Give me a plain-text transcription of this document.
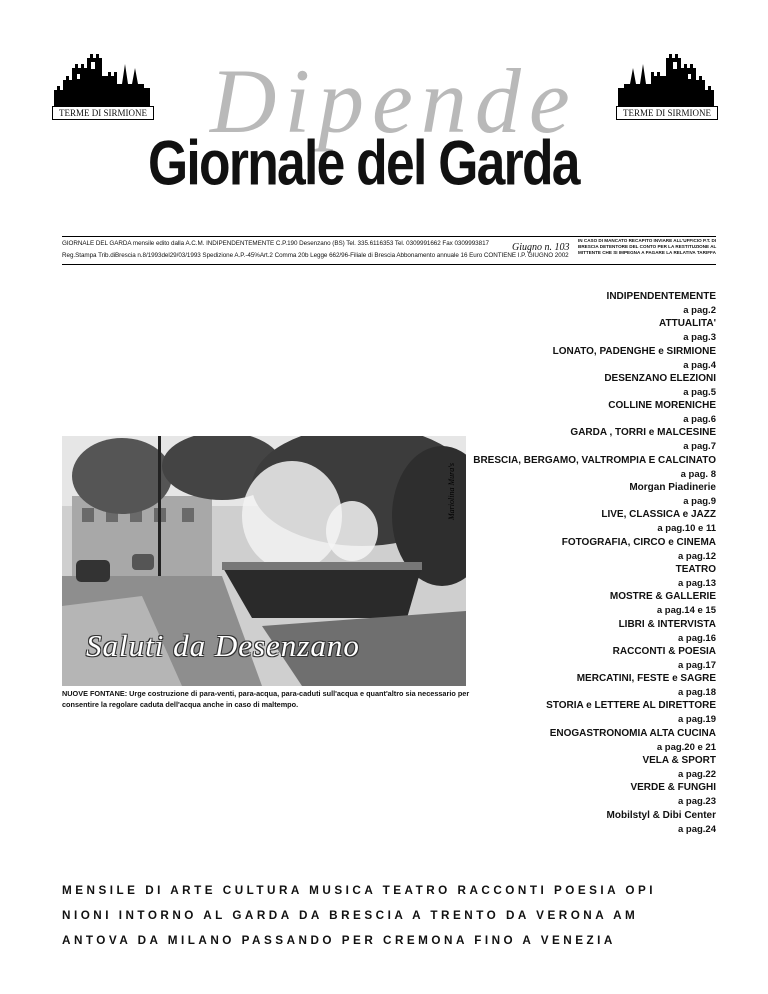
TERME DI SIRMIONE	TERME DI SIRMIONE
Dipende
Giornale del Garda
GIORNALE DEL GARDA mensile edito dalla A.C.M. INDIPENDENTEMENTE C.P.190 Desenzano (BS) Tel. 335.6116353 Tel. 0309991662 Fax 0309993817
Reg.Stampa Trib.diBrescia n.8/1993del29/03/1993 Spedizione A.P.-45%Art.2 Comma 20b Legge 662/96-Filiale di Brescia Abbonamento annuale 16 Euro CONTIENE I.P. GIUGNO 2002
Giugno n. 103
IN CASO DI MANCATO RECAPITO INVIARE ALL'UFFICIO P.T. DI BRESCIA DETENTORE DEL CONTO PER LA RESTITUZIONE AL MITTENTE CHE SI IMPEGNA A PAGARE LA RELATIVA TARIFFA
Mariolina Mura's
Saluti da Desenzano
NUOVE FONTANE: Urge costruzione di para-venti, para-acqua, para-caduti sull'acqua e quant'altro sia necessario per consentire la regolare caduta dell'acqua anche in caso di maltempo.
INDIPENDENTEMENTE
a pag.2
ATTUALITA'
a pag.3
LONATO, PADENGHE e SIRMIONE
a pag.4
DESENZANO ELEZIONI
a pag.5
COLLINE MORENICHE
a pag.6
GARDA , TORRI e MALCESINE
a pag.7
BRESCIA, BERGAMO, VALTROMPIA E CALCINATO
a pag. 8
Morgan Piadinerie
a pag.9
LIVE, CLASSICA e JAZZ
a pag.10 e 11
FOTOGRAFIA, CIRCO e CINEMA
a pag.12
TEATRO
a pag.13
MOSTRE & GALLERIE
a pag.14 e 15
LIBRI & INTERVISTA
a pag.16
RACCONTI & POESIA
a pag.17
MERCATINI, FESTE e SAGRE
a pag.18
STORIA e LETTERE AL DIRETTORE
a pag.19
ENOGASTRONOMIA ALTA CUCINA
a pag.20 e 21
VELA & SPORT
a pag.22
VERDE & FUNGHI
a pag.23
Mobilstyl & Dibi Center
a pag.24
MENSILE DI ARTE CULTURA MUSICA TEATRO RACCONTI POESIA OPI
NIONI INTORNO AL GARDA DA BRESCIA A TRENTO DA VERONA AM
ANTOVA DA MILANO PASSANDO PER CREMONA FINO A VENEZIA
